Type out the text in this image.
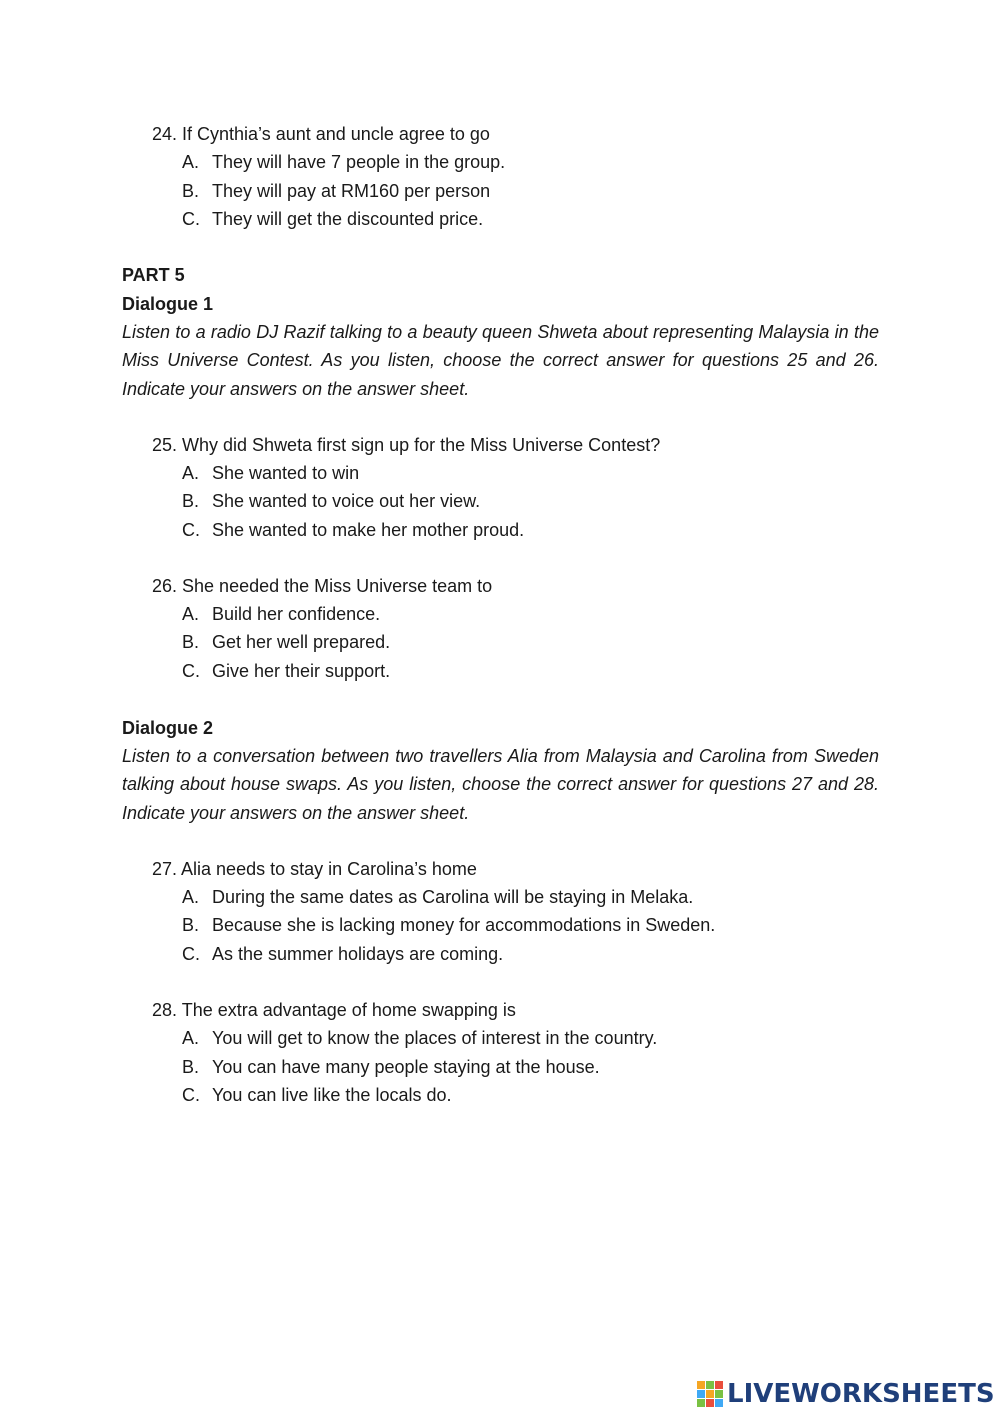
24. If Cynthia’s aunt and uncle agree to go
A. They will have 7 people in the group.
B. They will pay at RM160 per person
C. They will get the discounted price.
PART 5
Dialogue 1
Listen to a radio DJ Razif talking to a beauty queen Shweta about representing Malaysia in the Miss Universe Contest. As you listen, choose the correct answer for questions 25 and 26. Indicate your answers on the answer sheet.
25. Why did Shweta first sign up for the Miss Universe Contest?
A. She wanted to win
B. She wanted to voice out her view.
C. She wanted to make her mother proud.
26. She needed the Miss Universe team to
A. Build her confidence.
B. Get her well prepared.
C. Give her their support.
Dialogue 2
Listen to a conversation between two travellers Alia from Malaysia and Carolina from Sweden talking about house swaps. As you listen, choose the correct answer for questions 27 and 28. Indicate your answers on the answer sheet.
27. Alia needs to stay in Carolina’s home
A. During the same dates as Carolina will be staying in Melaka.
B. Because she is lacking money for accommodations in Sweden.
C. As the summer holidays are coming.
28. The extra advantage of home swapping is
A. You will get to know the places of interest in the country.
B. You can have many people staying at the house.
C. You can live like the locals do.
LIVEWORKSHEETS
